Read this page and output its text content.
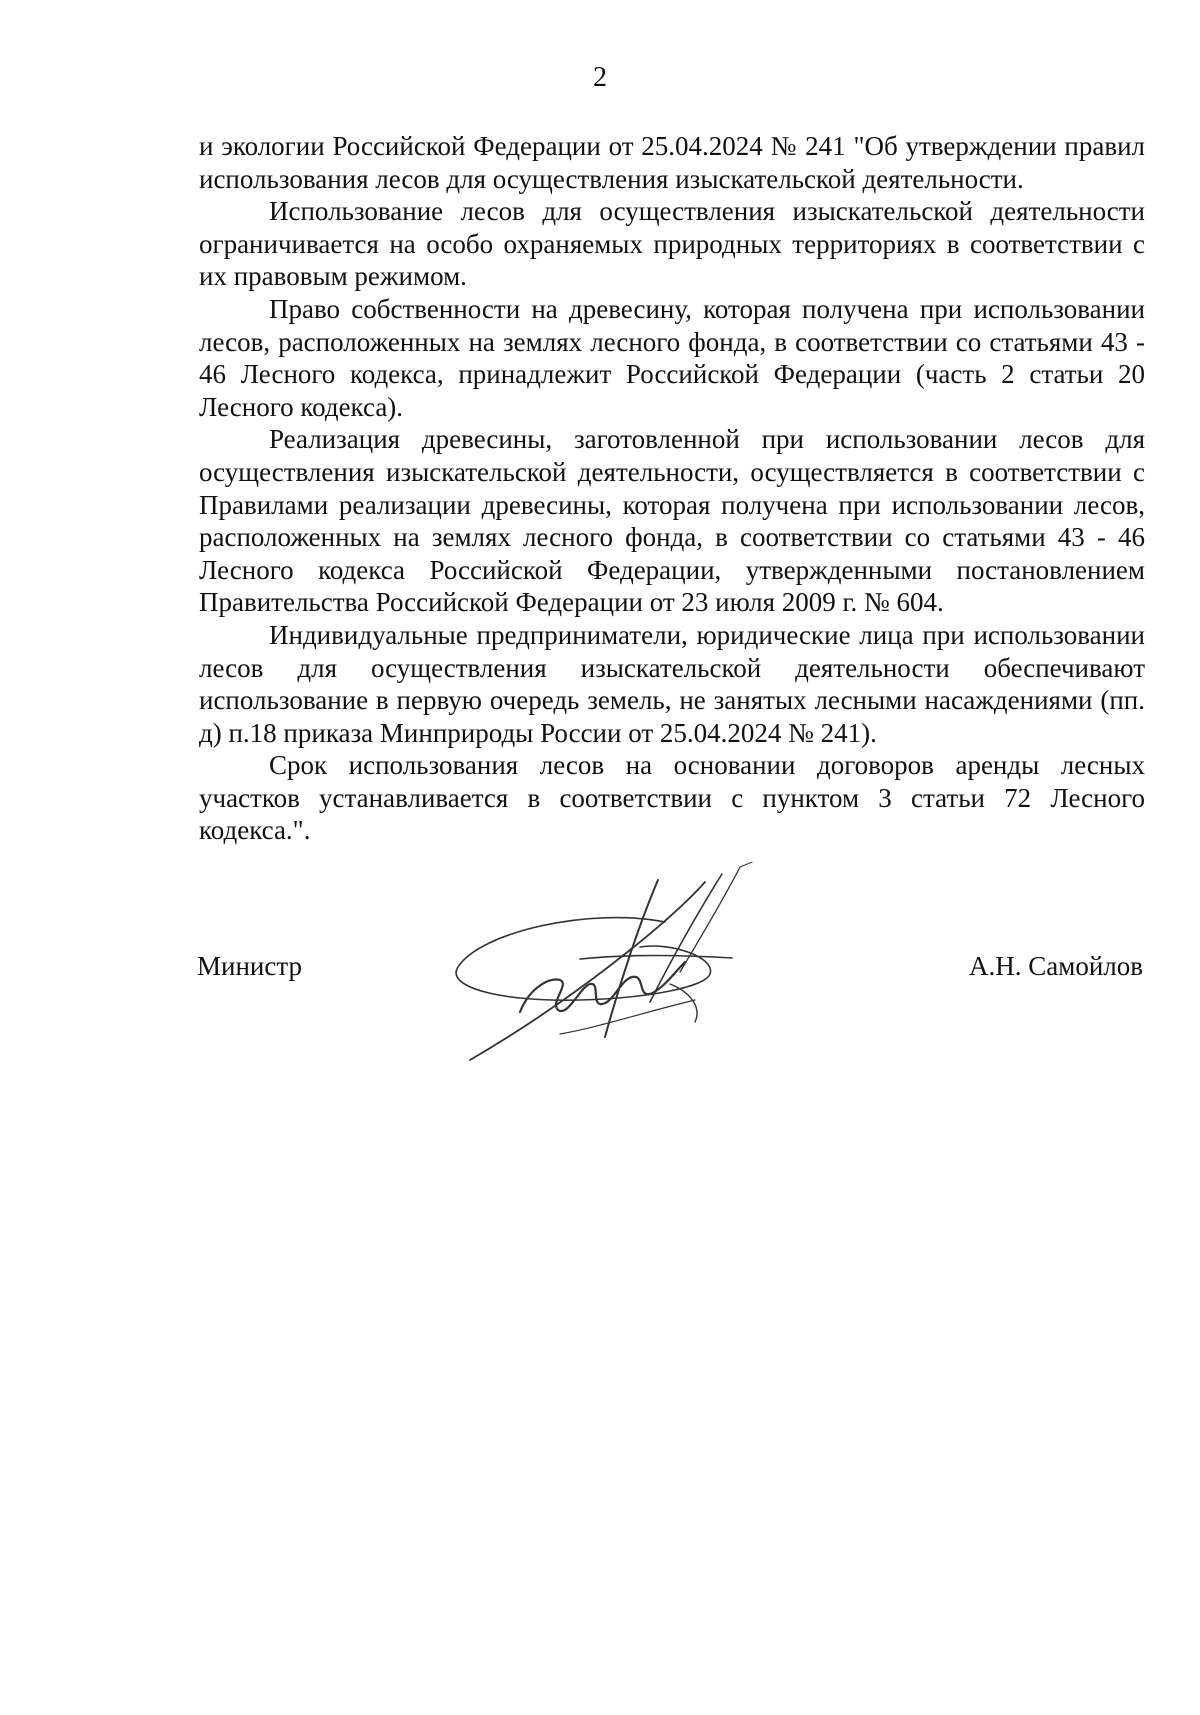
2

и экологии Российской Федерации от 25.04.2024 № 241 "Об утверждении правил использования лесов для осуществления изыскательской деятельности.

Использование лесов для осуществления изыскательской деятельности ограничивается на особо охраняемых природных территориях в соответствии с их правовым режимом.

Право собственности на древесину, которая получена при использовании лесов, расположенных на землях лесного фонда, в соответствии со статьями 43 - 46 Лесного кодекса, принадлежит Российской Федерации (часть 2 статьи 20 Лесного кодекса).

Реализация древесины, заготовленной при использовании лесов для осуществления изыскательской деятельности, осуществляется в соответствии с Правилами реализации древесины, которая получена при использовании лесов, расположенных на землях лесного фонда, в соответствии со статьями 43 - 46 Лесного кодекса Российской Федерации, утвержденными постановлением Правительства Российской Федерации от 23 июля 2009 г. № 604.

Индивидуальные предприниматели, юридические лица при использовании лесов для осуществления изыскательской деятельности обеспечивают использование в первую очередь земель, не занятых лесными насаждениями (пп. д) п.18 приказа Минприроды России от 25.04.2024 № 241).

Срок использования лесов на основании договоров аренды лесных участков устанавливается в соответствии с пунктом 3 статьи 72 Лесного кодекса.".

Министр	А.Н. Самойлов
